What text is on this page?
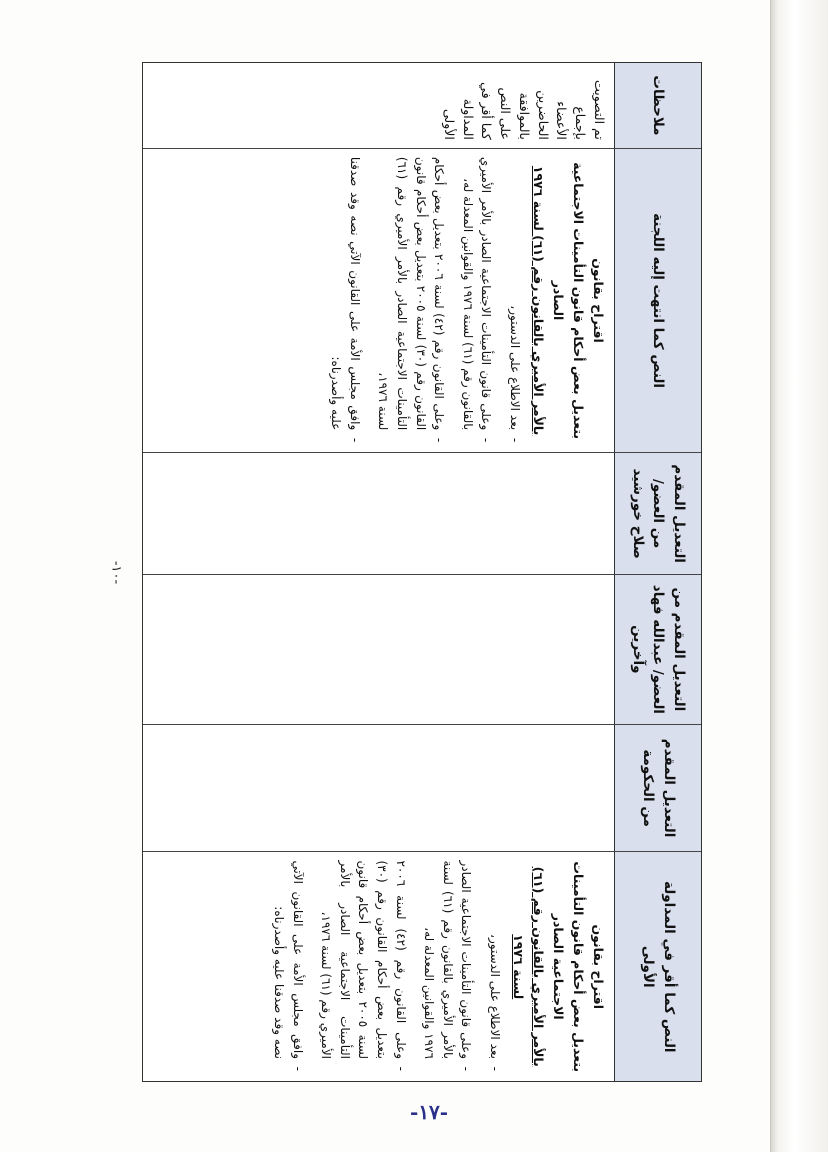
-١٠-
النص كما أقر في المداولة الأولى
التعديل المقدم من الحكومة
التعديل المقدم من العضو/ عبدالله فهاد وآخرين
التعديل المقدم من العضو/ صلاح خورشيد
النص كما انتهت إليه اللجنة
ملاحظات
اقتراح بقانون
بتعديل بعض أحكام قانون التأمينات الاجتماعية الصادر
بالأمر الأميري بالقانون رقم (٦١) لسنة ١٩٧٦
- بعد الاطلاع على الدستور،
- وعلى قانون التأمينات الاجتماعية الصادر بالأمر الأميري بالقانون رقم (٦١) لسنة ١٩٧٦ والقوانين المعدلة له،
- وعلى القانون رقم (٤٢) لسنة ٢٠٠٦ بتعديل بعض أحكام القانون رقم (٣٠) لسنة ٢٠٠٥ بتعديل بعض أحكام قانون التأمينات الاجتماعية الصادر بالأمر الأميري رقم (٦١) لسنة ١٩٧٦،
- وافق مجلس الأمة على القانون الآتي نصه وقد صدقنا عليه وأصدرناه:
اقتراح بقانون
بتعديل بعض أحكام قانون التأمينات الاجتماعية الصادر
بالأمر الأميري بالقانون رقم (٦١) لسنة ١٩٧٦
- بعد الاطلاع على الدستور،
- وعلى قانون التأمينات الاجتماعية الصادر بالأمر الأميري بالقانون رقم (٦١) لسنة ١٩٧٦ والقوانين المعدلة له،
- وعلى القانون رقم (٤٢) لسنة ٢٠٠٦ بتعديل بعض أحكام القانون رقم (٣٠) لسنة ٢٠٠٥ بتعديل بعض أحكام قانون التأمينات الاجتماعية الصادر بالأمر الأميري رقم (٦١) لسنة ١٩٧٦،
- وافق مجلس الأمة على القانون الآتي نصه وقد صدقنا عليه وأصدرناه:
تم التصويت بإجماع الأعضاء الحاضرين بالموافقة على النص كما أقر في المداولة الأولى
-١٧-
